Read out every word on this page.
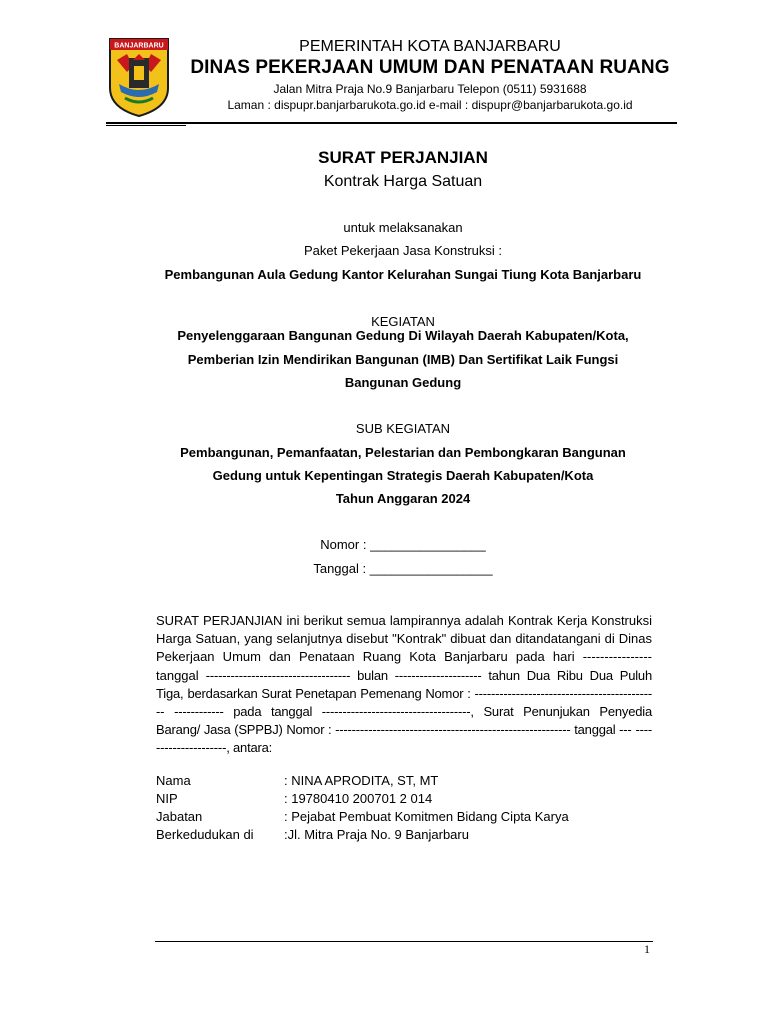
BANJARBARU	PEMERINTAH KOTA BANJARBARU
DINAS PEKERJAAN UMUM DAN PENATAAN RUANG
Jalan Mitra Praja No.9 Banjarbaru Telepon (0511) 5931688
Laman : dispupr.banjarbarukota.go.id e-mail : dispupr@banjarbarukota.go.id
SURAT PERJANJIAN
Kontrak Harga Satuan
untuk melaksanakan
Paket Pekerjaan Jasa Konstruksi :
Pembangunan Aula Gedung Kantor Kelurahan Sungai Tiung Kota Banjarbaru
KEGIATAN
Penyelenggaraan Bangunan Gedung Di Wilayah Daerah Kabupaten/Kota,
Pemberian Izin Mendirikan Bangunan (IMB) Dan Sertifikat Laik Fungsi
Bangunan Gedung
SUB KEGIATAN
Pembangunan, Pemanfaatan, Pelestarian dan Pembongkaran Bangunan
Gedung untuk Kepentingan Strategis Daerah Kabupaten/Kota
Tahun Anggaran 2024
Nomor : ________________
Tanggal : _________________
SURAT PERJANJIAN ini berikut semua lampirannya adalah Kontrak Kerja Konstruksi Harga Satuan, yang selanjutnya disebut "Kontrak" dibuat dan ditandatangani di Dinas Pekerjaan Umum dan Penataan Ruang Kota Banjarbaru pada hari ---------------- tanggal ----------------------------------- bulan --------------------- tahun Dua Ribu Dua Puluh Tiga, berdasarkan Surat Penetapan Pemenang Nomor : --------------------------------------------- ------------ pada tanggal ------------------------------------, Surat Penunjukan Penyedia Barang/ Jasa (SPPBJ) Nomor : --------------------------------------------------------- tanggal --- ---------------------, antara:
Nama	: NINA APRODITA, ST, MT
NIP	: 19780410 200701 2 014
Jabatan	: Pejabat Pembuat Komitmen Bidang Cipta Karya
Berkedudukan di	:Jl. Mitra Praja No. 9 Banjarbaru
1
